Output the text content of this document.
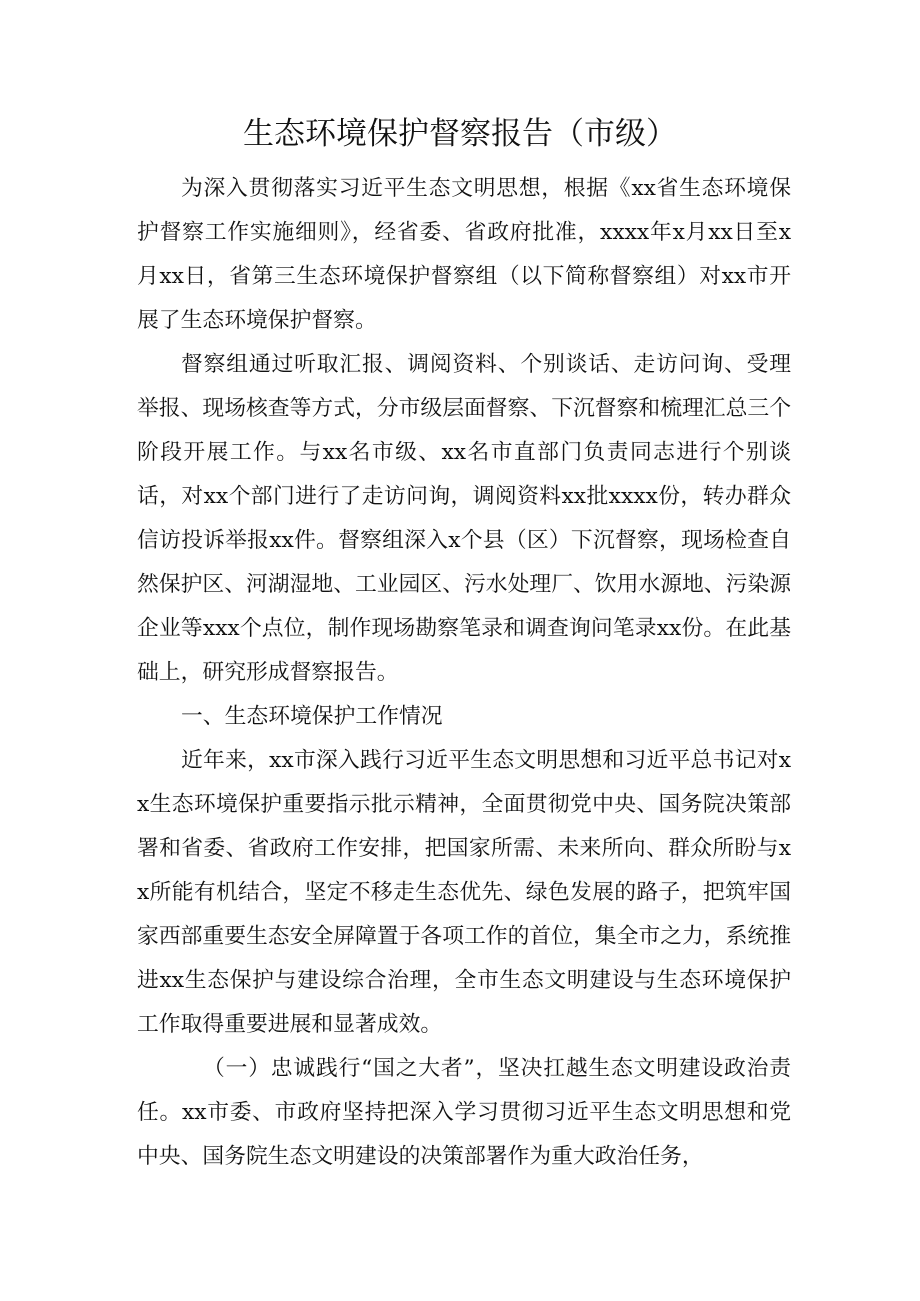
生态环境保护督察报告（市级）

为深入贯彻落实习近平生态文明思想，根据《xx省生态环境保护督察工作实施细则》，经省委、省政府批准，xxxx年x月xx日至x月xx日，省第三生态环境保护督察组（以下简称督察组）对xx市开展了生态环境保护督察。

督察组通过听取汇报、调阅资料、个别谈话、走访问询、受理举报、现场核查等方式，分市级层面督察、下沉督察和梳理汇总三个阶段开展工作。与xx名市级、xx名市直部门负责同志进行个别谈话，对xx个部门进行了走访问询，调阅资料xx批xxxx份，转办群众信访投诉举报xx件。督察组深入x个县（区）下沉督察，现场检查自然保护区、河湖湿地、工业园区、污水处理厂、饮用水源地、污染源企业等xxx个点位，制作现场勘察笔录和调查询问笔录xx份。在此基础上，研究形成督察报告。

一、生态环境保护工作情况

近年来，xx市深入践行习近平生态文明思想和习近平总书记对xx生态环境保护重要指示批示精神，全面贯彻党中央、国务院决策部署和省委、省政府工作安排，把国家所需、未来所向、群众所盼与xx所能有机结合，坚定不移走生态优先、绿色发展的路子，把筑牢国家西部重要生态安全屏障置于各项工作的首位，集全市之力，系统推进xx生态保护与建设综合治理，全市生态文明建设与生态环境保护工作取得重要进展和显著成效。

（一）忠诚践行“国之大者”，坚决扛越生态文明建设政治责任。xx市委、市政府坚持把深入学习贯彻习近平生态文明思想和党中央、国务院生态文明建设的决策部署作为重大政治任务，
